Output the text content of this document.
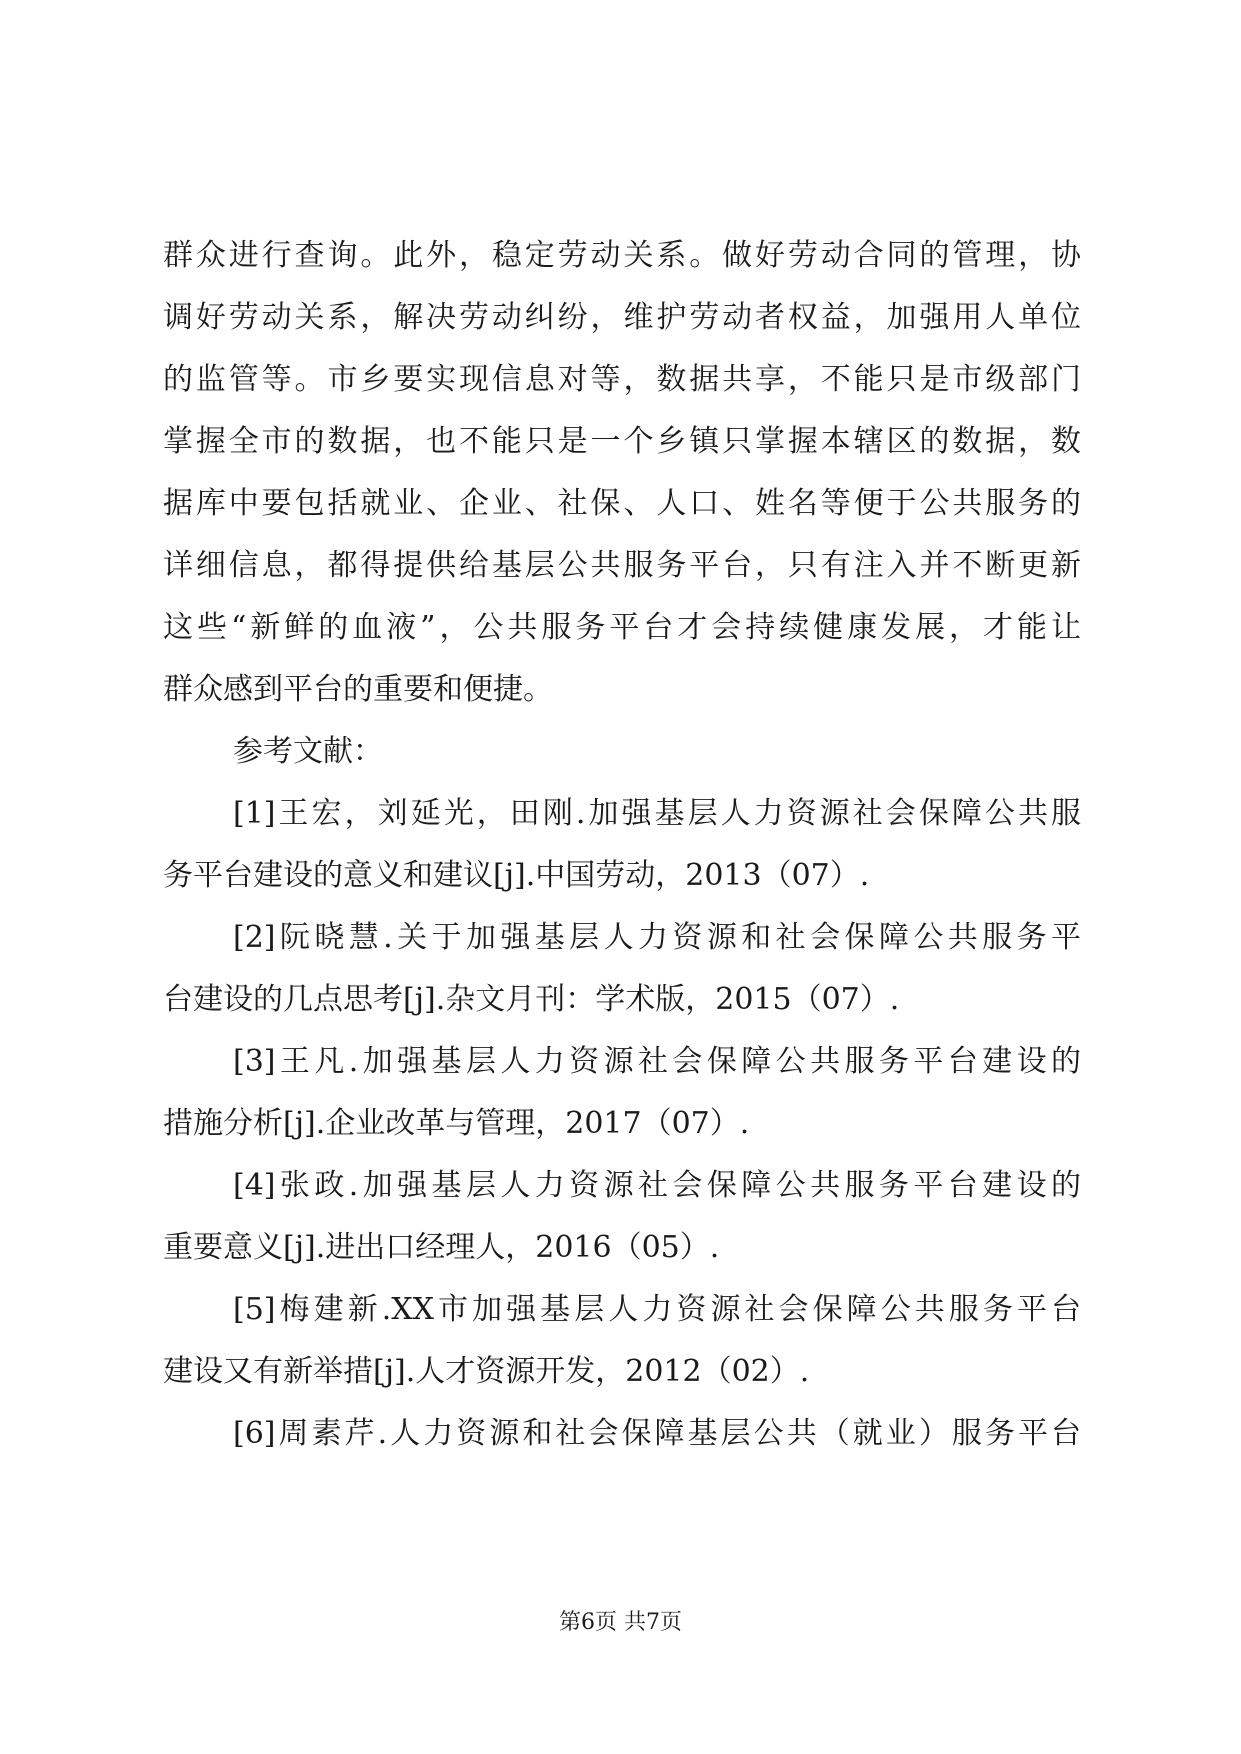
群众进行查询。此外，稳定劳动关系。做好劳动合同的管理，协
调好劳动关系，解决劳动纠纷，维护劳动者权益，加强用人单位
的监管等。市乡要实现信息对等，数据共享，不能只是市级部门
掌握全市的数据，也不能只是一个乡镇只掌握本辖区的数据，数
据库中要包括就业、企业、社保、人口、姓名等便于公共服务的
详细信息，都得提供给基层公共服务平台，只有注入并不断更新
这些“新鲜的血液”，公共服务平台才会持续健康发展，才能让
群众感到平台的重要和便捷。
参考文献：
[1]王宏，刘延光，田刚.加强基层人力资源社会保障公共服
务平台建设的意义和建议[j].中国劳动，2013（07）.
[2]阮晓慧.关于加强基层人力资源和社会保障公共服务平
台建设的几点思考[j].杂文月刊：学术版，2015（07）.
[3]王凡.加强基层人力资源社会保障公共服务平台建设的
措施分析[j].企业改革与管理，2017（07）.
[4]张政.加强基层人力资源社会保障公共服务平台建设的
重要意义[j].进出口经理人，2016（05）.
[5]梅建新.XX市加强基层人力资源社会保障公共服务平台
建设又有新举措[j].人才资源开发，2012（02）.
[6]周素芹.人力资源和社会保障基层公共（就业）服务平台
第6页 共7页
